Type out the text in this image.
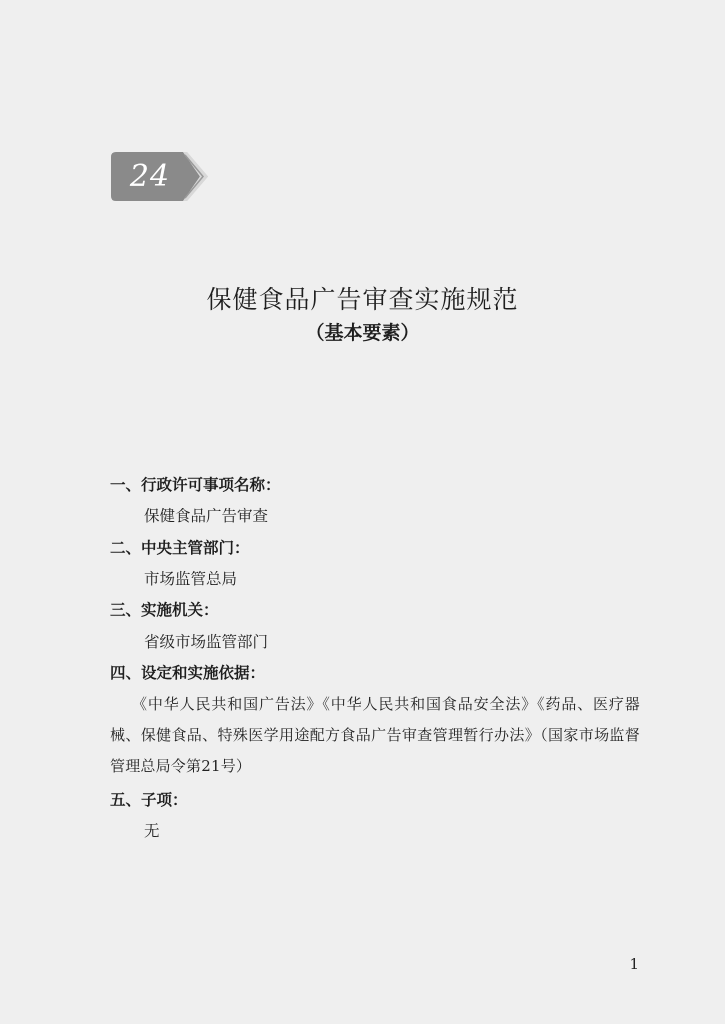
24
保健食品广告审查实施规范
（基本要素）
一、行政许可事项名称：
保健食品广告审查
二、中央主管部门：
市场监管总局
三、实施机关：
省级市场监管部门
四、设定和实施依据：
《中华人民共和国广告法》《中华人民共和国食品安全法》《药品、医疗器械、保健食品、特殊医学用途配方食品广告审查管理暂行办法》（国家市场监督管理总局令第21号）
五、子项：
无
1
